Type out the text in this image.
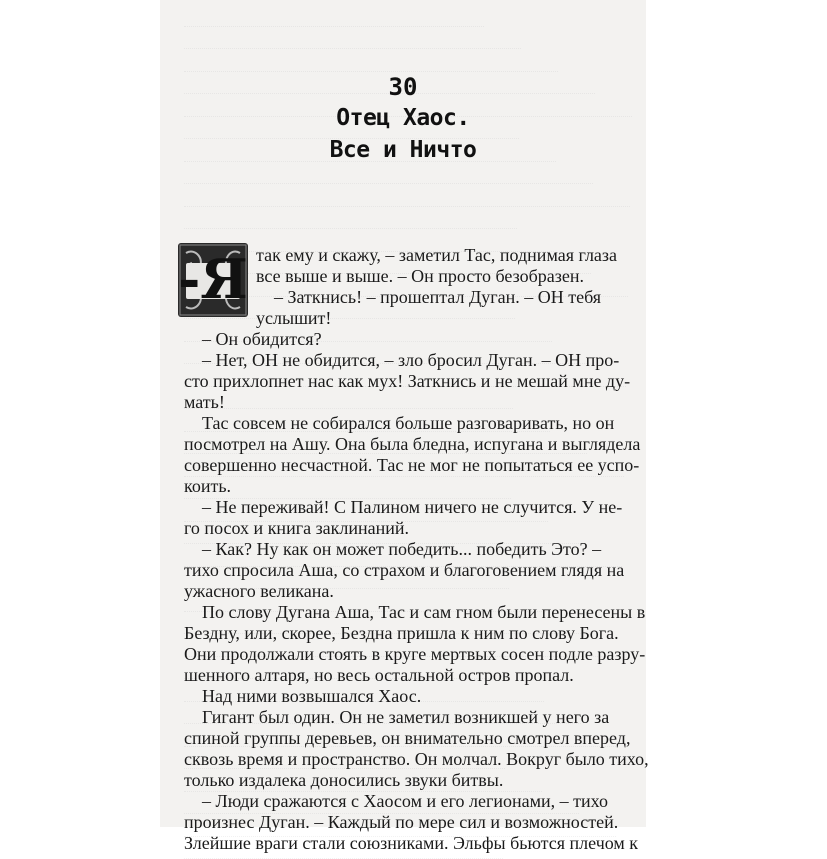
30
Отец Хаос.
Все и Ничто
-Я так ему и скажу, – заметил Тас, поднимая глаза
все выше и выше. – Он просто безобразен.
– Заткнись! – прошептал Дуган. – ОН тебя
услышит!
– Он обидится?
– Нет, ОН не обидится, – зло бросил Дуган. – ОН про-
сто прихлопнет нас как мух! Заткнись и не мешай мне ду-
мать!
Тас совсем не собирался больше разговаривать, но он
посмотрел на Ашу. Она была бледна, испугана и выглядела
совершенно несчастной. Тас не мог не попытаться ее успо-
коить.
– Не переживай! С Палином ничего не случится. У не-
го посох и книга заклинаний.
– Как? Ну как он может победить... победить Это? –
тихо спросила Аша, со страхом и благоговением глядя на
ужасного великана.
По слову Дугана Аша, Тас и сам гном были перенесены в
Бездну, или, скорее, Бездна пришла к ним по слову Бога.
Они продолжали стоять в круге мертвых сосен подле разру-
шенного алтаря, но весь остальной остров пропал.
Над ними возвышался Хаос.
Гигант был один. Он не заметил возникшей у него за
спиной группы деревьев, он внимательно смотрел вперед,
сквозь время и пространство. Он молчал. Вокруг было тихо,
только издалека доносились звуки битвы.
– Люди сражаются с Хаосом и его легионами, – тихо
произнес Дуган. – Каждый по мере сил и возможностей.
Злейшие враги стали союзниками. Эльфы бьются плечом к
